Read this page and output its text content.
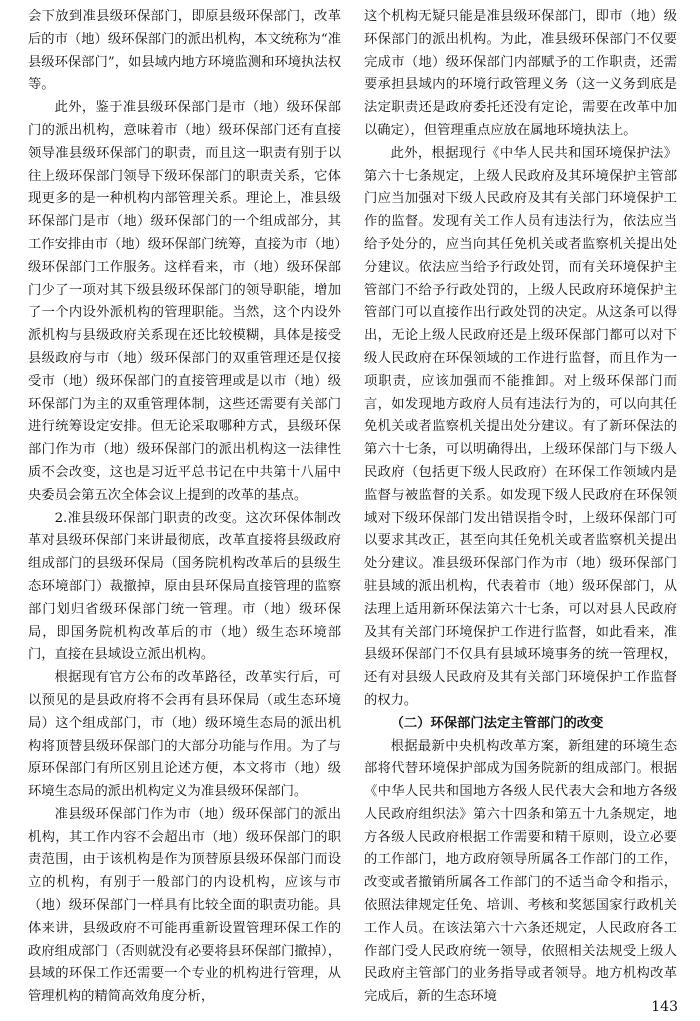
会下放到准县级环保部门，即原县级环保部门，改革后的市（地）级环保部门的派出机构，本文统称为“准县级环保部门”，如县域内地方环境监测和环境执法权等。

此外，鉴于准县级环保部门是市（地）级环保部门的派出机构，意味着市（地）级环保部门还有直接领导准县级环保部门的职责，而且这一职责有别于以往上级环保部门领导下级环保部门的职责关系，它体现更多的是一种机构内部管理关系。理论上，准县级环保部门是市（地）级环保部门的一个组成部分，其工作安排由市（地）级环保部门统筹，直接为市（地）级环保部门工作服务。这样看来，市（地）级环保部门少了一项对其下级县级环保部门的领导职能，增加了一个内设外派机构的管理职能。当然，这个内设外派机构与县级政府关系现在还比较模糊，具体是接受县级政府与市（地）级环保部门的双重管理还是仅接受市（地）级环保部门的直接管理或是以市（地）级环保部门为主的双重管理体制，这些还需要有关部门进行统筹设定安排。但无论采取哪种方式，县级环保部门作为市（地）级环保部门的派出机构这一法律性质不会改变，这也是习近平总书记在中共第十八届中央委员会第五次全体会议上提到的改革的基点。

2.准县级环保部门职责的改变。这次环保体制改革对县级环保部门来讲最彻底，改革直接将县级政府组成部门的县级环保局（国务院机构改革后的县级生态环境部门）裁撤掉，原由县环保局直接管理的监察部门划归省级环保部门统一管理。市（地）级环保局，即国务院机构改革后的市（地）级生态环境部门，直接在县域设立派出机构。

根据现有官方公布的改革路径，改革实行后，可以预见的是县政府将不会再有县环保局（或生态环境局）这个组成部门，市（地）级环境生态局的派出机构将顶替县级环保部门的大部分功能与作用。为了与原环保部门有所区别且论述方便，本文将市（地）级环境生态局的派出机构定义为准县级环保部门。

准县级环保部门作为市（地）级环保部门的派出机构，其工作内容不会超出市（地）级环保部门的职责范围，由于该机构是作为顶替原县级环保部门而设立的机构，有别于一般部门的内设机构，应该与市（地）级环保部门一样具有比较全面的职责功能。具体来讲，县级政府不可能再重新设置管理环保工作的政府组成部门（否则就没有必要将县环保部门撤掉），县域的环保工作还需要一个专业的机构进行管理，从管理机构的精简高效角度分析，

这个机构无疑只能是准县级环保部门，即市（地）级环保部门的派出机构。为此，准县级环保部门不仅要完成市（地）级环保部门内部赋予的工作职责，还需要承担县域内的环境行政管理义务（这一义务到底是法定职责还是政府委托还没有定论，需要在改革中加以确定），但管理重点应放在属地环境执法上。

此外，根据现行《中华人民共和国环境保护法》第六十七条规定，上级人民政府及其环境保护主管部门应当加强对下级人民政府及其有关部门环境保护工作的监督。发现有关工作人员有违法行为，依法应当给予处分的，应当向其任免机关或者监察机关提出处分建议。依法应当给予行政处罚，而有关环境保护主管部门不给予行政处罚的，上级人民政府环境保护主管部门可以直接作出行政处罚的决定。从这条可以得出，无论上级人民政府还是上级环保部门都可以对下级人民政府在环保领域的工作进行监督，而且作为一项职责，应该加强而不能推卸。对上级环保部门而言，如发现地方政府人员有违法行为的，可以向其任免机关或者监察机关提出处分建议。有了新环保法的第六十七条，可以明确得出，上级环保部门与下级人民政府（包括更下级人民政府）在环保工作领域内是监督与被监督的关系。如发现下级人民政府在环保领域对下级环保部门发出错误指令时，上级环保部门可以要求其改正，甚至向其任免机关或者监察机关提出处分建议。准县级环保部门作为市（地）级环保部门驻县域的派出机构，代表着市（地）级环保部门，从法理上适用新环保法第六十七条，可以对县人民政府及其有关部门环境保护工作进行监督，如此看来，准县级环保部门不仅具有县域环境事务的统一管理权，还有对县级人民政府及其有关部门环境保护工作监督的权力。

（二）环保部门法定主管部门的改变

根据最新中央机构改革方案，新组建的环境生态部将代替环境保护部成为国务院新的组成部门。根据《中华人民共和国地方各级人民代表大会和地方各级人民政府组织法》第六十四条和第五十九条规定，地方各级人民政府根据工作需要和精干原则，设立必要的工作部门，地方政府领导所属各工作部门的工作，改变或者撤销所属各工作部门的不适当命令和指示，依照法律规定任免、培训、考核和奖惩国家行政机关工作人员。在该法第六十六条还规定，人民政府各工作部门受人民政府统一领导，依照相关法规受上级人民政府主管部门的业务指导或者领导。地方机构改革完成后，新的生态环境

143
